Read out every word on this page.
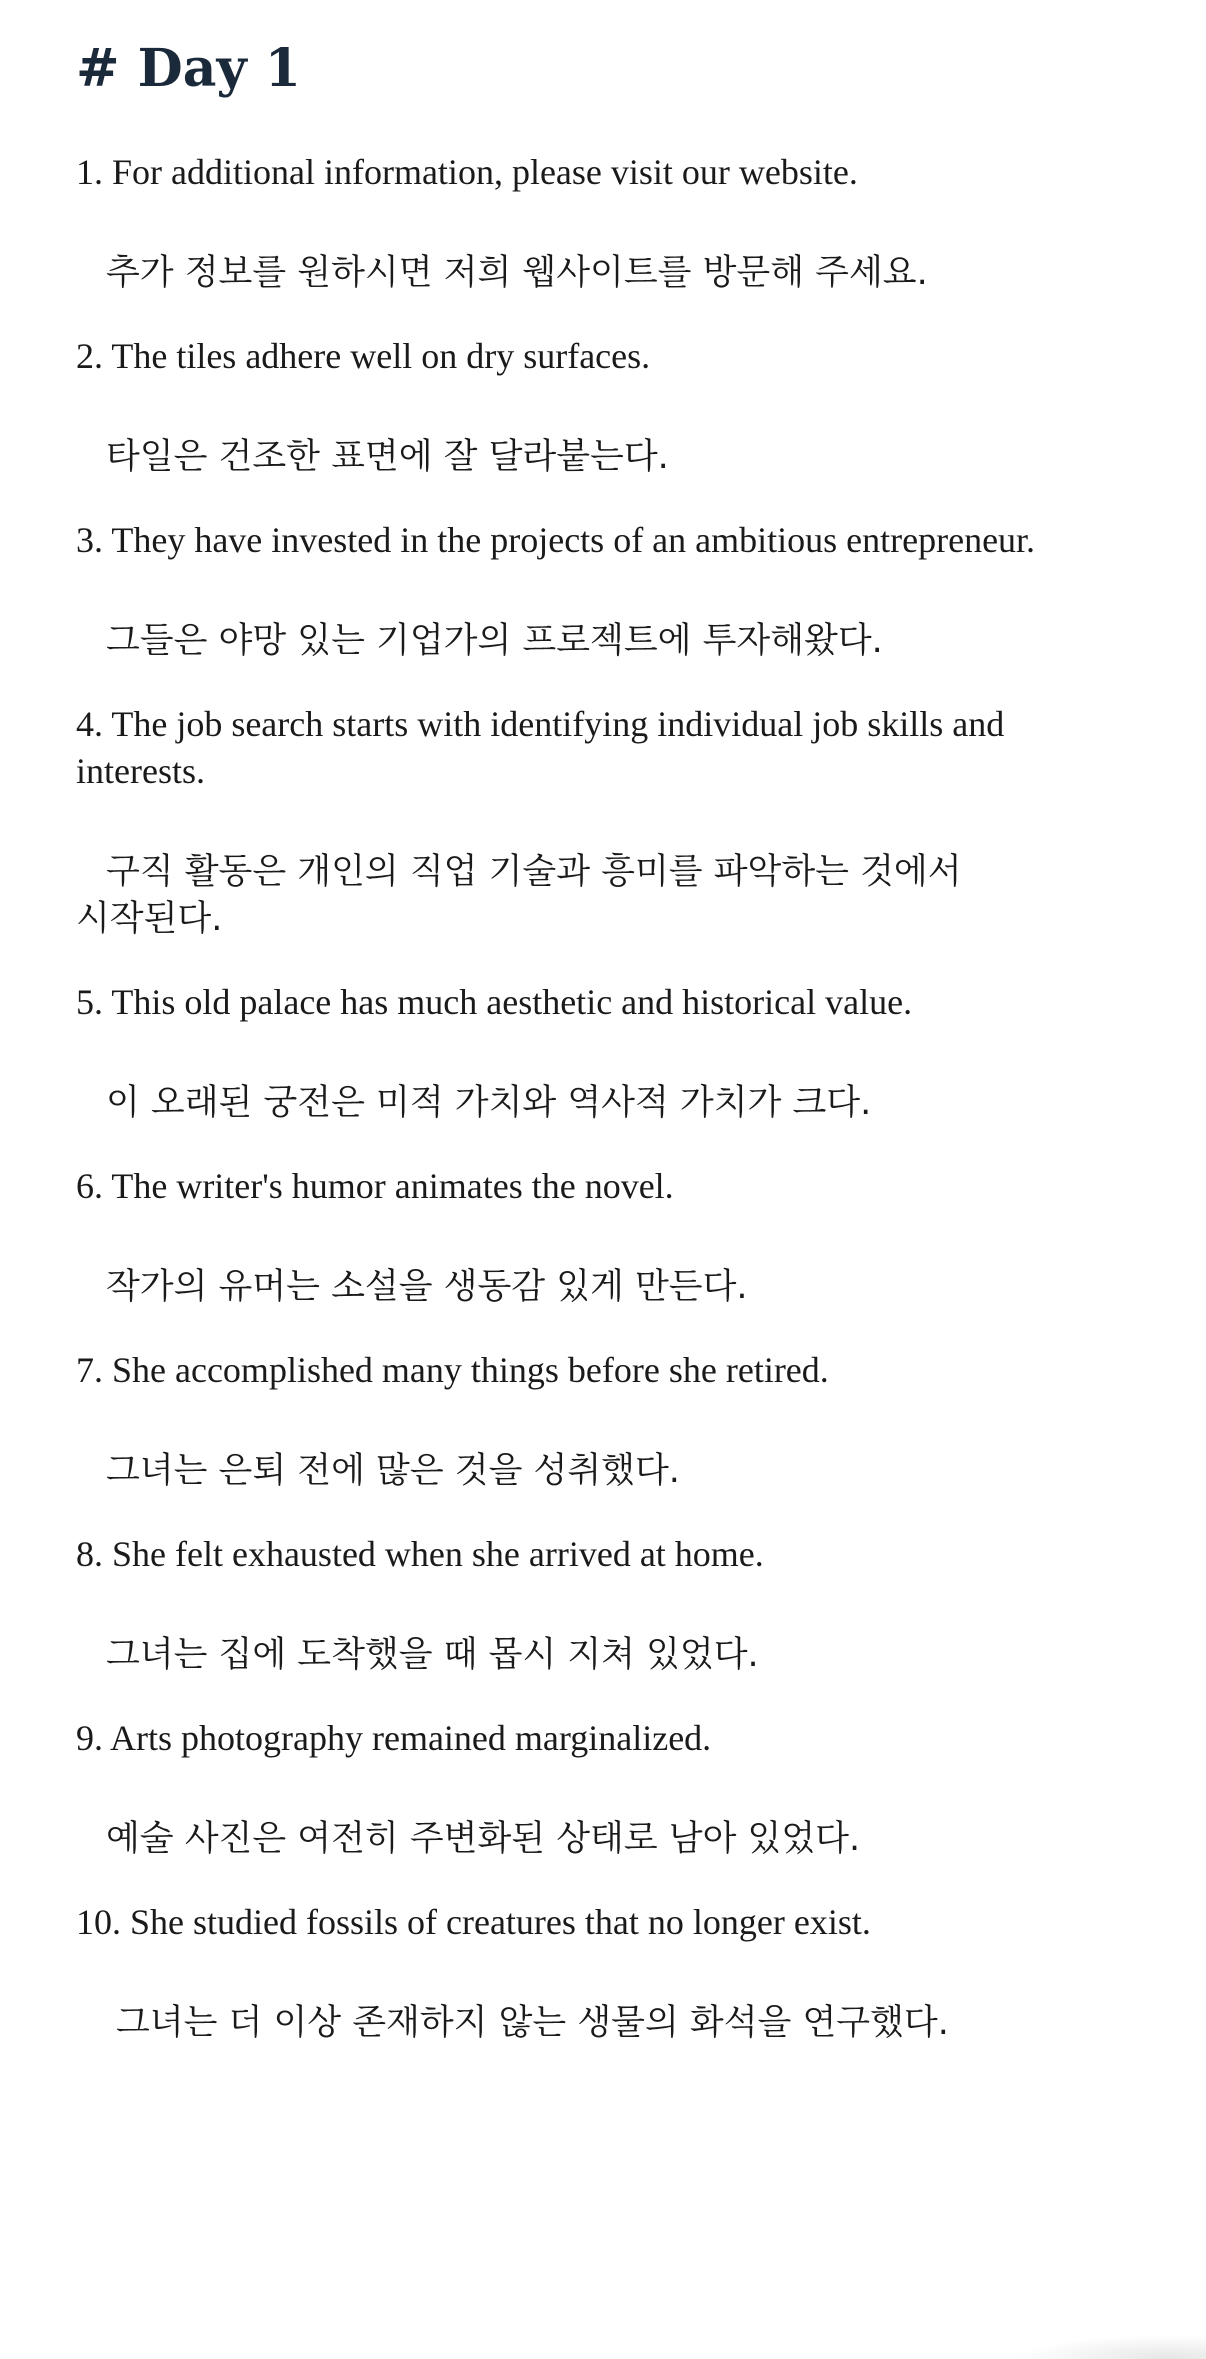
# Day 1

1. For additional information, please visit our website.

추가 정보를 원하시면 저희 웹사이트를 방문해 주세요.

2. The tiles adhere well on dry surfaces.

타일은 건조한 표면에 잘 달라붙는다.

3. They have invested in the projects of an ambitious entrepreneur.

그들은 야망 있는 기업가의 프로젝트에 투자해왔다.

4. The job search starts with identifying individual job skills and interests.

구직 활동은 개인의 직업 기술과 흥미를 파악하는 것에서 시작된다.

5. This old palace has much aesthetic and historical value.

이 오래된 궁전은 미적 가치와 역사적 가치가 크다.

6. The writer's humor animates the novel.

작가의 유머는 소설을 생동감 있게 만든다.

7. She accomplished many things before she retired.

그녀는 은퇴 전에 많은 것을 성취했다.

8. She felt exhausted when she arrived at home.

그녀는 집에 도착했을 때 몹시 지쳐 있었다.

9. Arts photography remained marginalized.

예술 사진은 여전히 주변화된 상태로 남아 있었다.

10. She studied fossils of creatures that no longer exist.

그녀는 더 이상 존재하지 않는 생물의 화석을 연구했다.
